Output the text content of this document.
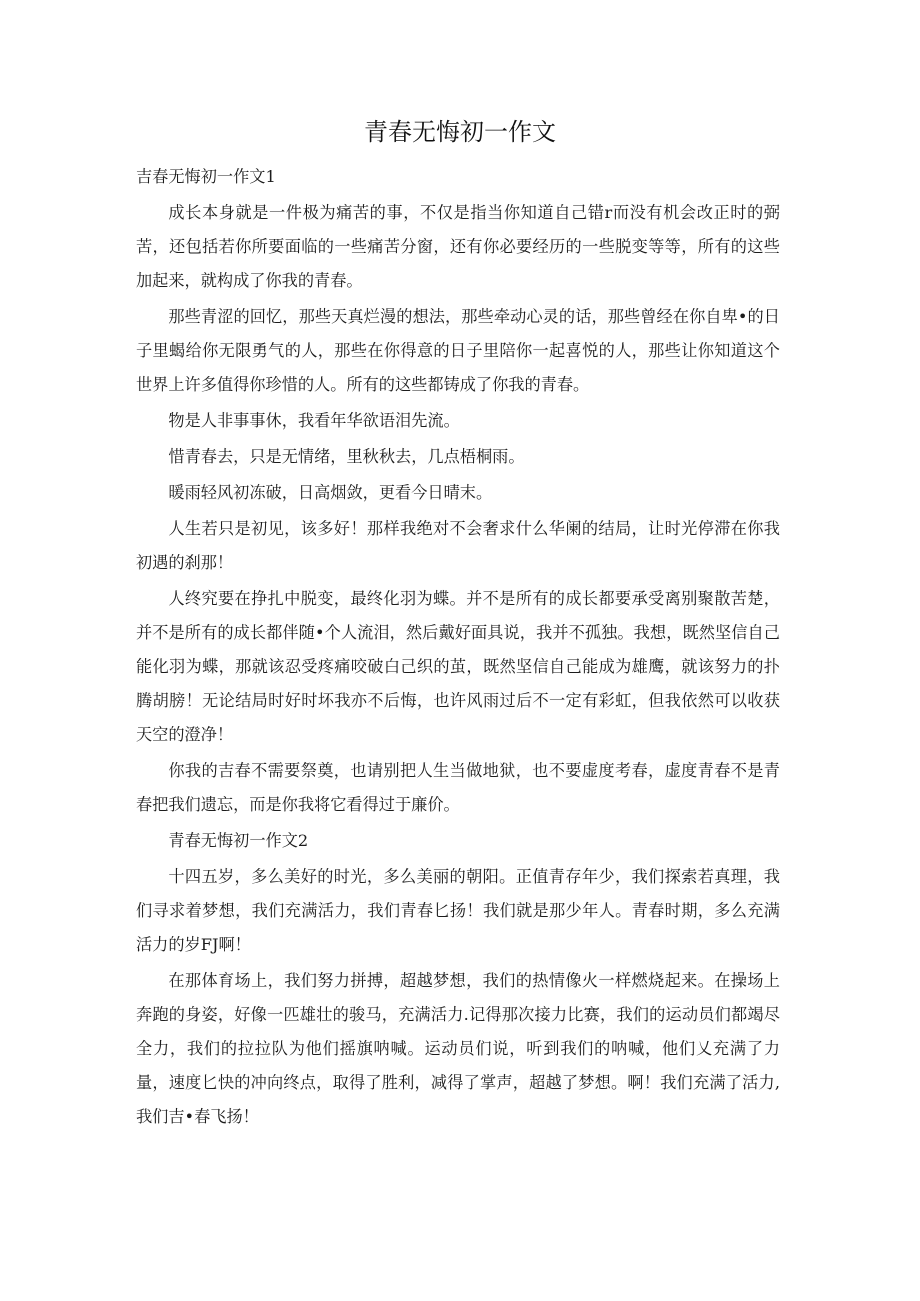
青春无悔初一作文

吉春无悔初一作文1

成长本身就是一件极为痛苦的事，不仅是指当你知道自己错r而没有机会改正时的弼苦，还包括若你所要面临的一些痛苦分窗，还有你必要经历的一些脱变等等，所有的这些加起来，就构成了你我的青春。

那些青涩的回忆，那些天真烂漫的想法，那些牵动心灵的话，那些曾经在你自卑•的日子里蝎给你无限勇气的人，那些在你得意的日子里陪你一起喜悦的人，那些让你知道这个世界上许多值得你珍惜的人。所有的这些都铸成了你我的青春。

物是人非事事休，我看年华欲语泪先流。

惜青春去，只是无情绪，里秋秋去，几点梧桐雨。

暖雨轻风初冻破，日高烟敛，更看今日晴末。

人生若只是初见，该多好！那样我绝对不会奢求什么华阑的结局，让时光停滞在你我初遇的刹那！

人终究要在挣扎中脱变，最终化羽为蝶。并不是所有的成长都要承受离别聚散苦楚，并不是所有的成长都伴随•个人流泪，然后戴好面具说，我并不孤独。我想，既然坚信自己能化羽为蝶，那就该忍受疼痛咬破白己织的茧，既然坚信自己能成为雄鹰，就该努力的扑腾胡膀！无论结局时好时坏我亦不后悔，也许风雨过后不一定有彩虹，但我依然可以收获天空的澄净！

你我的吉春不需要祭奠，也请别把人生当做地狱，也不要虚度考春，虚度青春不是青春把我们遗忘，而是你我将它看得过于廉价。

青春无悔初一作文2

十四五岁，多么美好的时光，多么美丽的朝阳。正值青存年少，我们探索若真理，我们寻求着梦想，我们充满活力，我们青春匕扬！我们就是那少年人。青春时期，多么充满活力的岁FJ啊！

在那体育场上，我们努力拼搏，超越梦想，我们的热情像火一样燃烧起来。在操场上奔跑的身姿，好像一匹雄壮的骏马，充满活力.记得那次接力比赛，我们的运动员们都竭尽全力，我们的拉拉队为他们摇旗呐喊。运动员们说，听到我们的呐喊，他们乂充满了力量，速度匕快的冲向终点，取得了胜利，减得了掌声，超越了梦想。啊！我们充满了活力,我们吉•春飞扬！
